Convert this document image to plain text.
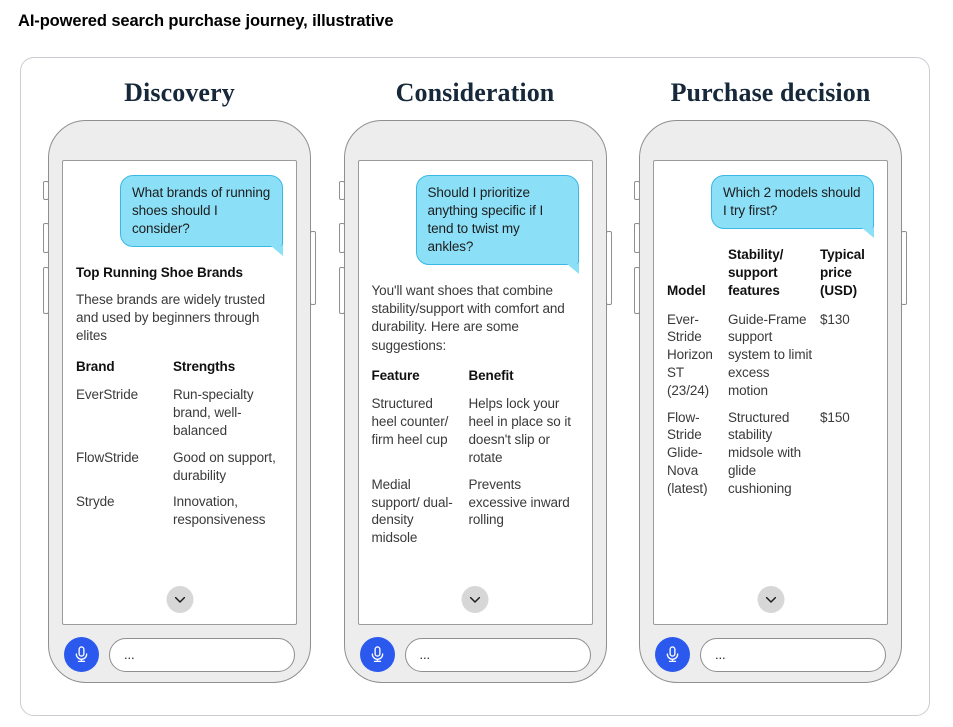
AI-powered search purchase journey, illustrative
Discovery
What brands of running shoes should I consider?
Top Running Shoe Brands

These brands are widely trusted and used by beginners through elites

Brand	Strengths
EverStride	Run-specialty brand, well-balanced
FlowStride	Good on support, durability
Stryde	Innovation, responsiveness
...
Consideration
Should I prioritize anything specific if I tend to twist my ankles?

You'll want shoes that combine stability/support with comfort and durability. Here are some suggestions:

Feature	Benefit
Structured heel counter/ firm heel cup	Helps lock your heel in place so it doesn't slip or rotate
Medial support/ dual-density midsole	Prevents excessive inward rolling
...
Purchase decision
Which 2 models should I try first?
Model	Stability/ support features	Typical price (USD)
Ever-Stride Horizon ST (23/24)	Guide-Frame support system to limit excess motion	$130
Flow-Stride Glide-Nova (latest)	Structured stability midsole with glide cushioning	$150
...
